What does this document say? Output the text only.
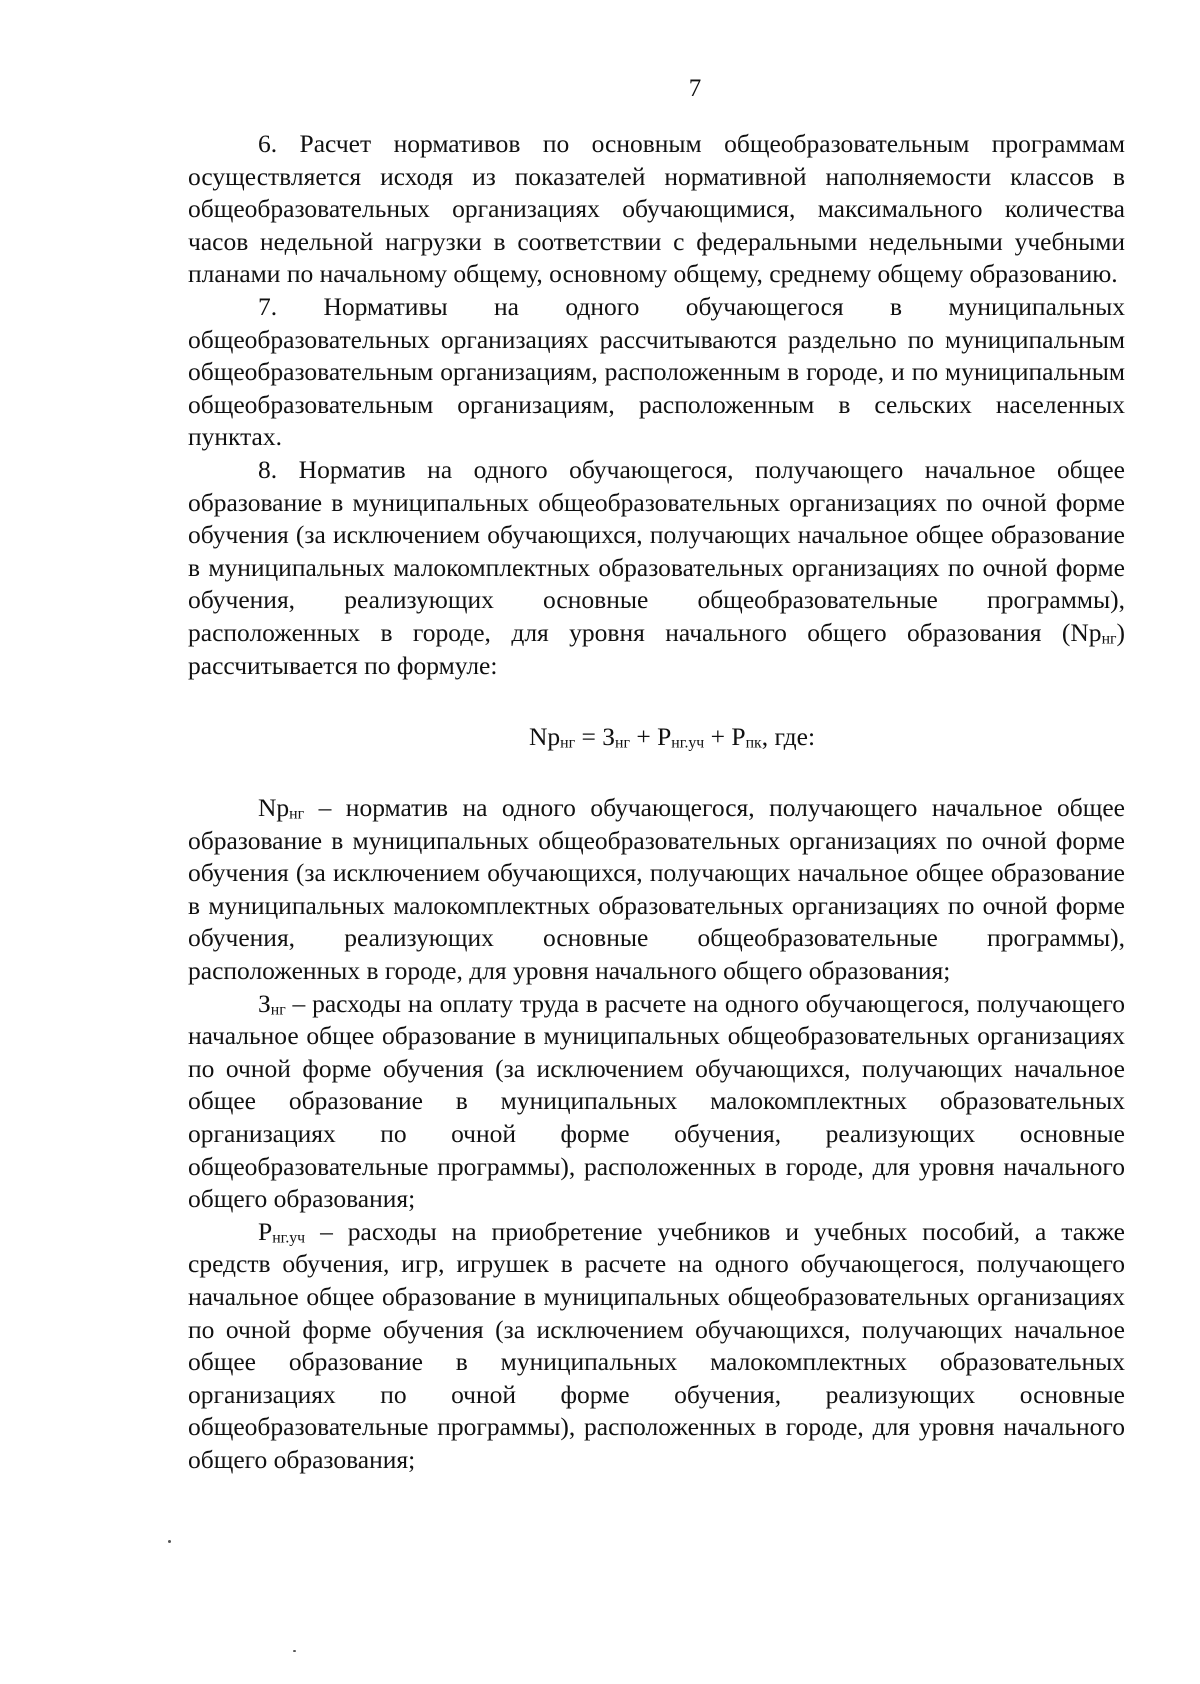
7

6. Расчет нормативов по основным общеобразовательным программам осуществляется исходя из показателей нормативной наполняемости классов в общеобразовательных организациях обучающимися, максимального количества часов недельной нагрузки в соответствии с федеральными недельными учебными планами по начальному общему, основному общему, среднему общему образованию.

7. Нормативы на одного обучающегося в муниципальных общеобразовательных организациях рассчитываются раздельно по муниципальным общеобразовательным организациям, расположенным в городе, и по муниципальным общеобразовательным организациям, расположенным в сельских населенных пунктах.

8. Норматив на одного обучающегося, получающего начальное общее образование в муниципальных общеобразовательных организациях по очной форме обучения (за исключением обучающихся, получающих начальное общее образование в муниципальных малокомплектных образовательных организациях по очной форме обучения, реализующих основные общеобразовательные программы), расположенных в городе, для уровня начального общего образования $(Np_{нг})$ рассчитывается по формуле:

$Np_{нг} = З_{нг} + Р_{нг.уч} + Р_{пк}$, где:

$Np_{нг}$ – норматив на одного обучающегося, получающего начальное общее образование в муниципальных общеобразовательных организациях по очной форме обучения (за исключением обучающихся, получающих начальное общее образование в муниципальных малокомплектных образовательных организациях по очной форме обучения, реализующих основные общеобразовательные программы), расположенных в городе, для уровня начального общего образования;

$З_{нг}$ – расходы на оплату труда в расчете на одного обучающегося, получающего начальное общее образование в муниципальных общеобразовательных организациях по очной форме обучения (за исключением обучающихся, получающих начальное общее образование в муниципальных малокомплектных образовательных организациях по очной форме обучения, реализующих основные общеобразовательные программы), расположенных в городе, для уровня начального общего образования;

$Р_{нг.уч}$ – расходы на приобретение учебников и учебных пособий, а также средств обучения, игр, игрушек в расчете на одного обучающегося, получающего начальное общее образование в муниципальных общеобразовательных организациях по очной форме обучения (за исключением обучающихся, получающих начальное общее образование в муниципальных малокомплектных образовательных организациях по очной форме обучения, реализующих основные общеобразовательные программы), расположенных в городе, для уровня начального общего образования;
